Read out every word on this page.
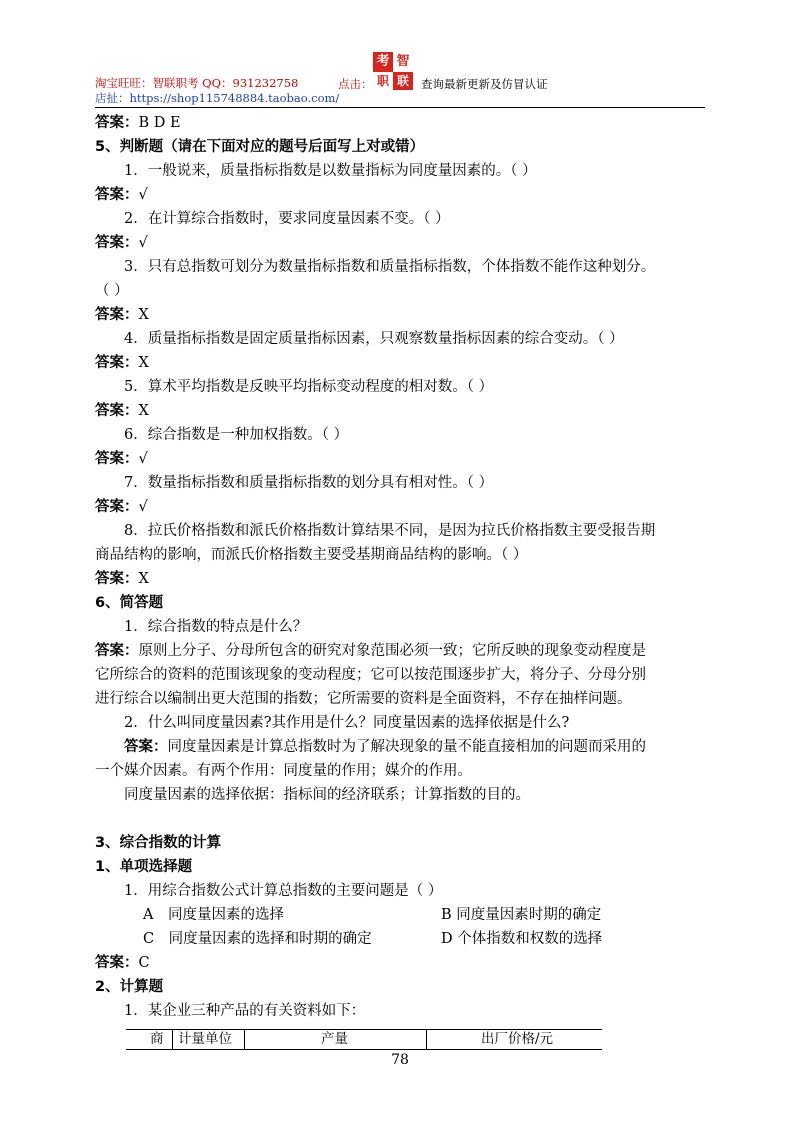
淘宝旺旺：智联职考 QQ：931232758
店扯：https://shop115748884.taobao.com/
点击：
考 智
职 联	查询最新更新及仿冒认证
答案：B D E
5、判断题（请在下面对应的题号后面写上对或错）
1．一般说来，质量指标指数是以数量指标为同度量因素的。（ ）
答案：√
2．在计算综合指数时，要求同度量因素不变。（ ）
答案：√
3．只有总指数可划分为数量指标指数和质量指标指数，个体指数不能作这种划分。
（ ）
答案：X
4．质量指标指数是固定质量指标因素，只观察数量指标因素的综合变动。（ ）
答案：X
5．算术平均指数是反映平均指标变动程度的相对数。（ ）
答案：X
6．综合指数是一种加权指数。（ ）
答案：√
7．数量指标指数和质量指标指数的划分具有相对性。（ ）
答案：√
8．拉氏价格指数和派氏价格指数计算结果不同，是因为拉氏价格指数主要受报告期
商品结构的影响，而派氏价格指数主要受基期商品结构的影响。（ ）
答案：X
6、简答题
1．综合指数的特点是什么？
答案：原则上分子、分母所包含的研究对象范围必须一致；它所反映的现象变动程度是
它所综合的资料的范围该现象的变动程度；它可以按范围逐步扩大，将分子、分母分别
进行综合以编制出更大范围的指数；它所需要的资料是全面资料，不存在抽样问题。
2．什么叫同度量因素?其作用是什么？同度量因素的选择依据是什么?
答案：同度量因素是计算总指数时为了解决现象的量不能直接相加的问题而采用的
一个媒介因素。有两个作用：同度量的作用；媒介的作用。
同度量因素的选择依据：指标间的经济联系；计算指数的目的。
3、综合指数的计算
1、单项选择题
1．用综合指数公式计算总指数的主要问题是（ ）
A　同度量因素的选择	B 同度量因素时期的确定
C　同度量因素的选择和时期的确定	D 个体指数和权数的选择
答案：C
2、计算题
1．某企业三种产品的有关资料如下：
商 计量单位	产量	出厂价格/元
78
